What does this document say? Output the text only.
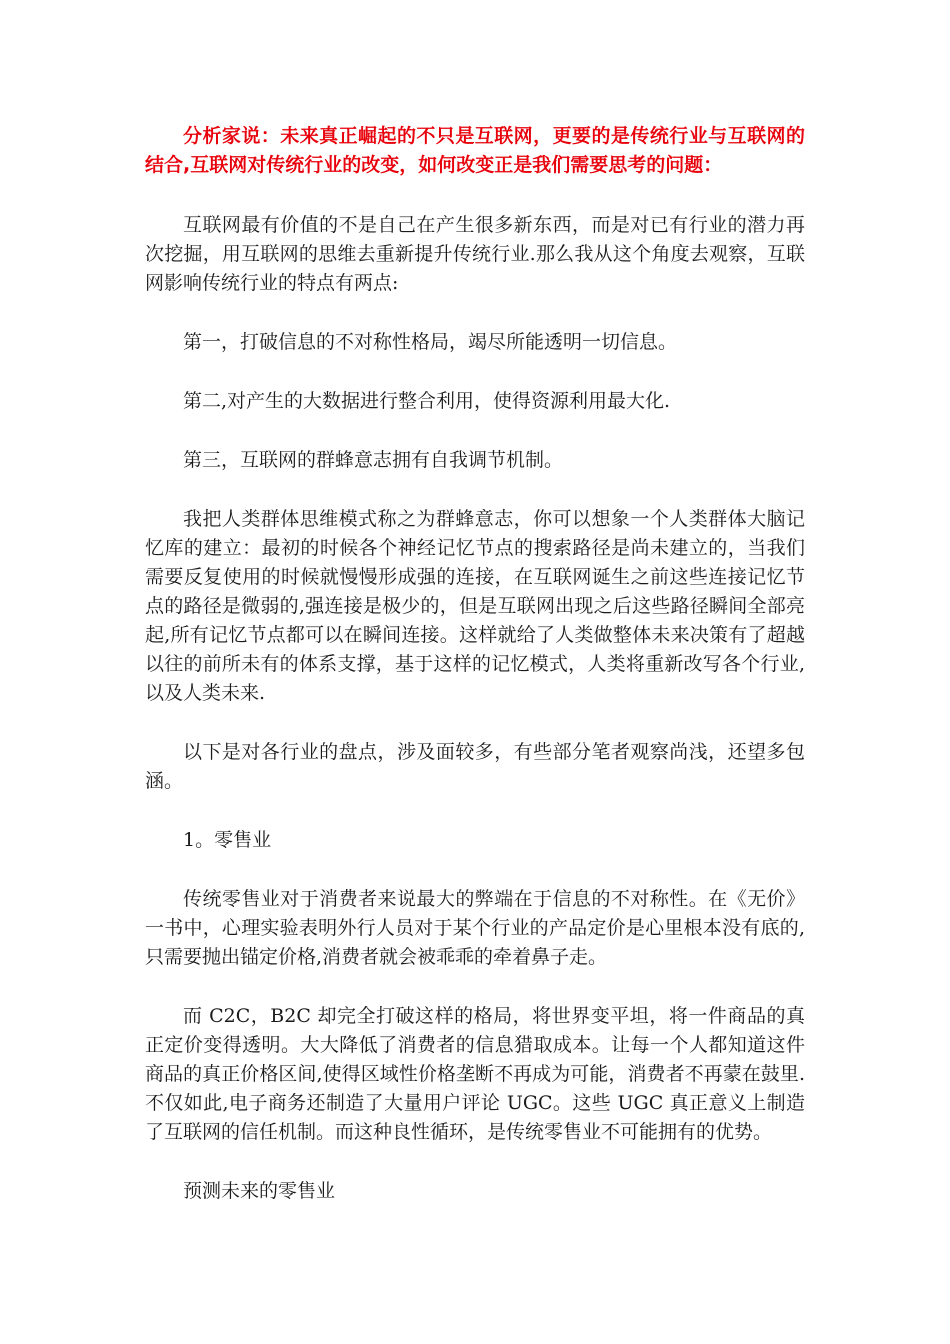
分析家说：未来真正崛起的不只是互联网，更要的是传统行业与互联网的结合,互联网对传统行业的改变，如何改变正是我们需要思考的问题：

互联网最有价值的不是自己在产生很多新东西，而是对已有行业的潜力再次挖掘，用互联网的思维去重新提升传统行业.那么我从这个角度去观察，互联网影响传统行业的特点有两点:

第一，打破信息的不对称性格局，竭尽所能透明一切信息。

第二,对产生的大数据进行整合利用，使得资源利用最大化.

第三，互联网的群蜂意志拥有自我调节机制。

我把人类群体思维模式称之为群蜂意志，你可以想象一个人类群体大脑记忆库的建立：最初的时候各个神经记忆节点的搜索路径是尚未建立的，当我们需要反复使用的时候就慢慢形成强的连接，在互联网诞生之前这些连接记忆节点的路径是微弱的,强连接是极少的，但是互联网出现之后这些路径瞬间全部亮起,所有记忆节点都可以在瞬间连接。这样就给了人类做整体未来决策有了超越以往的前所未有的体系支撑，基于这样的记忆模式，人类将重新改写各个行业,以及人类未来.

以下是对各行业的盘点，涉及面较多，有些部分笔者观察尚浅，还望多包涵。

1。零售业

传统零售业对于消费者来说最大的弊端在于信息的不对称性。在《无价》一书中，心理实验表明外行人员对于某个行业的产品定价是心里根本没有底的,只需要抛出锚定价格,消费者就会被乖乖的牵着鼻子走。

而 C2C，B2C 却完全打破这样的格局，将世界变平坦，将一件商品的真正定价变得透明。大大降低了消费者的信息猎取成本。让每一个人都知道这件商品的真正价格区间,使得区域性价格垄断不再成为可能，消费者不再蒙在鼓里.不仅如此,电子商务还制造了大量用户评论 UGC。这些 UGC 真正意义上制造了互联网的信任机制。而这种良性循环，是传统零售业不可能拥有的优势。

预测未来的零售业
